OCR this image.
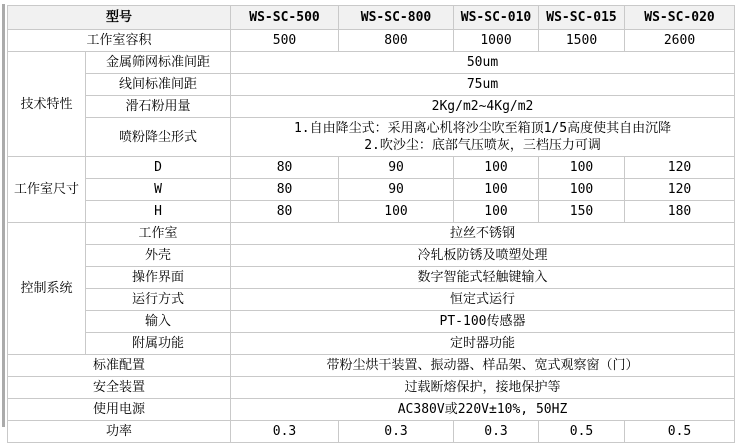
型号		WS-SC-500	WS-SC-800	WS-SC-010	WS-SC-015	WS-SC-020
工作室容积		500	800	1000	1500	2600
技术特性	金属筛网标准间距	50um				
	线间标准间距	75um				
	滑石粉用量	2Kg/m2~4Kg/m2				
	喷粉降尘形式	1.自由降尘式：采用离心机将沙尘吹至箱顶1/5高度使其自由沉降
2.吹沙尘：底部气压喷灰，三档压力可调				

工作室尺寸	D	80	90	100	100	120
	W	80	90	100	100	120
	H	80	100	100	150	180
控制系统	工作室	拉丝不锈钢				
	外壳	冷轧板防锈及喷塑处理				
	操作界面	数字智能式轻触键输入				
	运行方式	恒定式运行				
	输入	PT-100传感器				
	附属功能	定时器功能				
标准配置		带粉尘烘干装置、振动器、样品架、宽式观察窗（门）				
安全装置		过载断熔保护，接地保护等				
使用电源		AC380V或220V±10%, 50HZ				
功率		0.3	0.3	0.3	0.5	0.5
